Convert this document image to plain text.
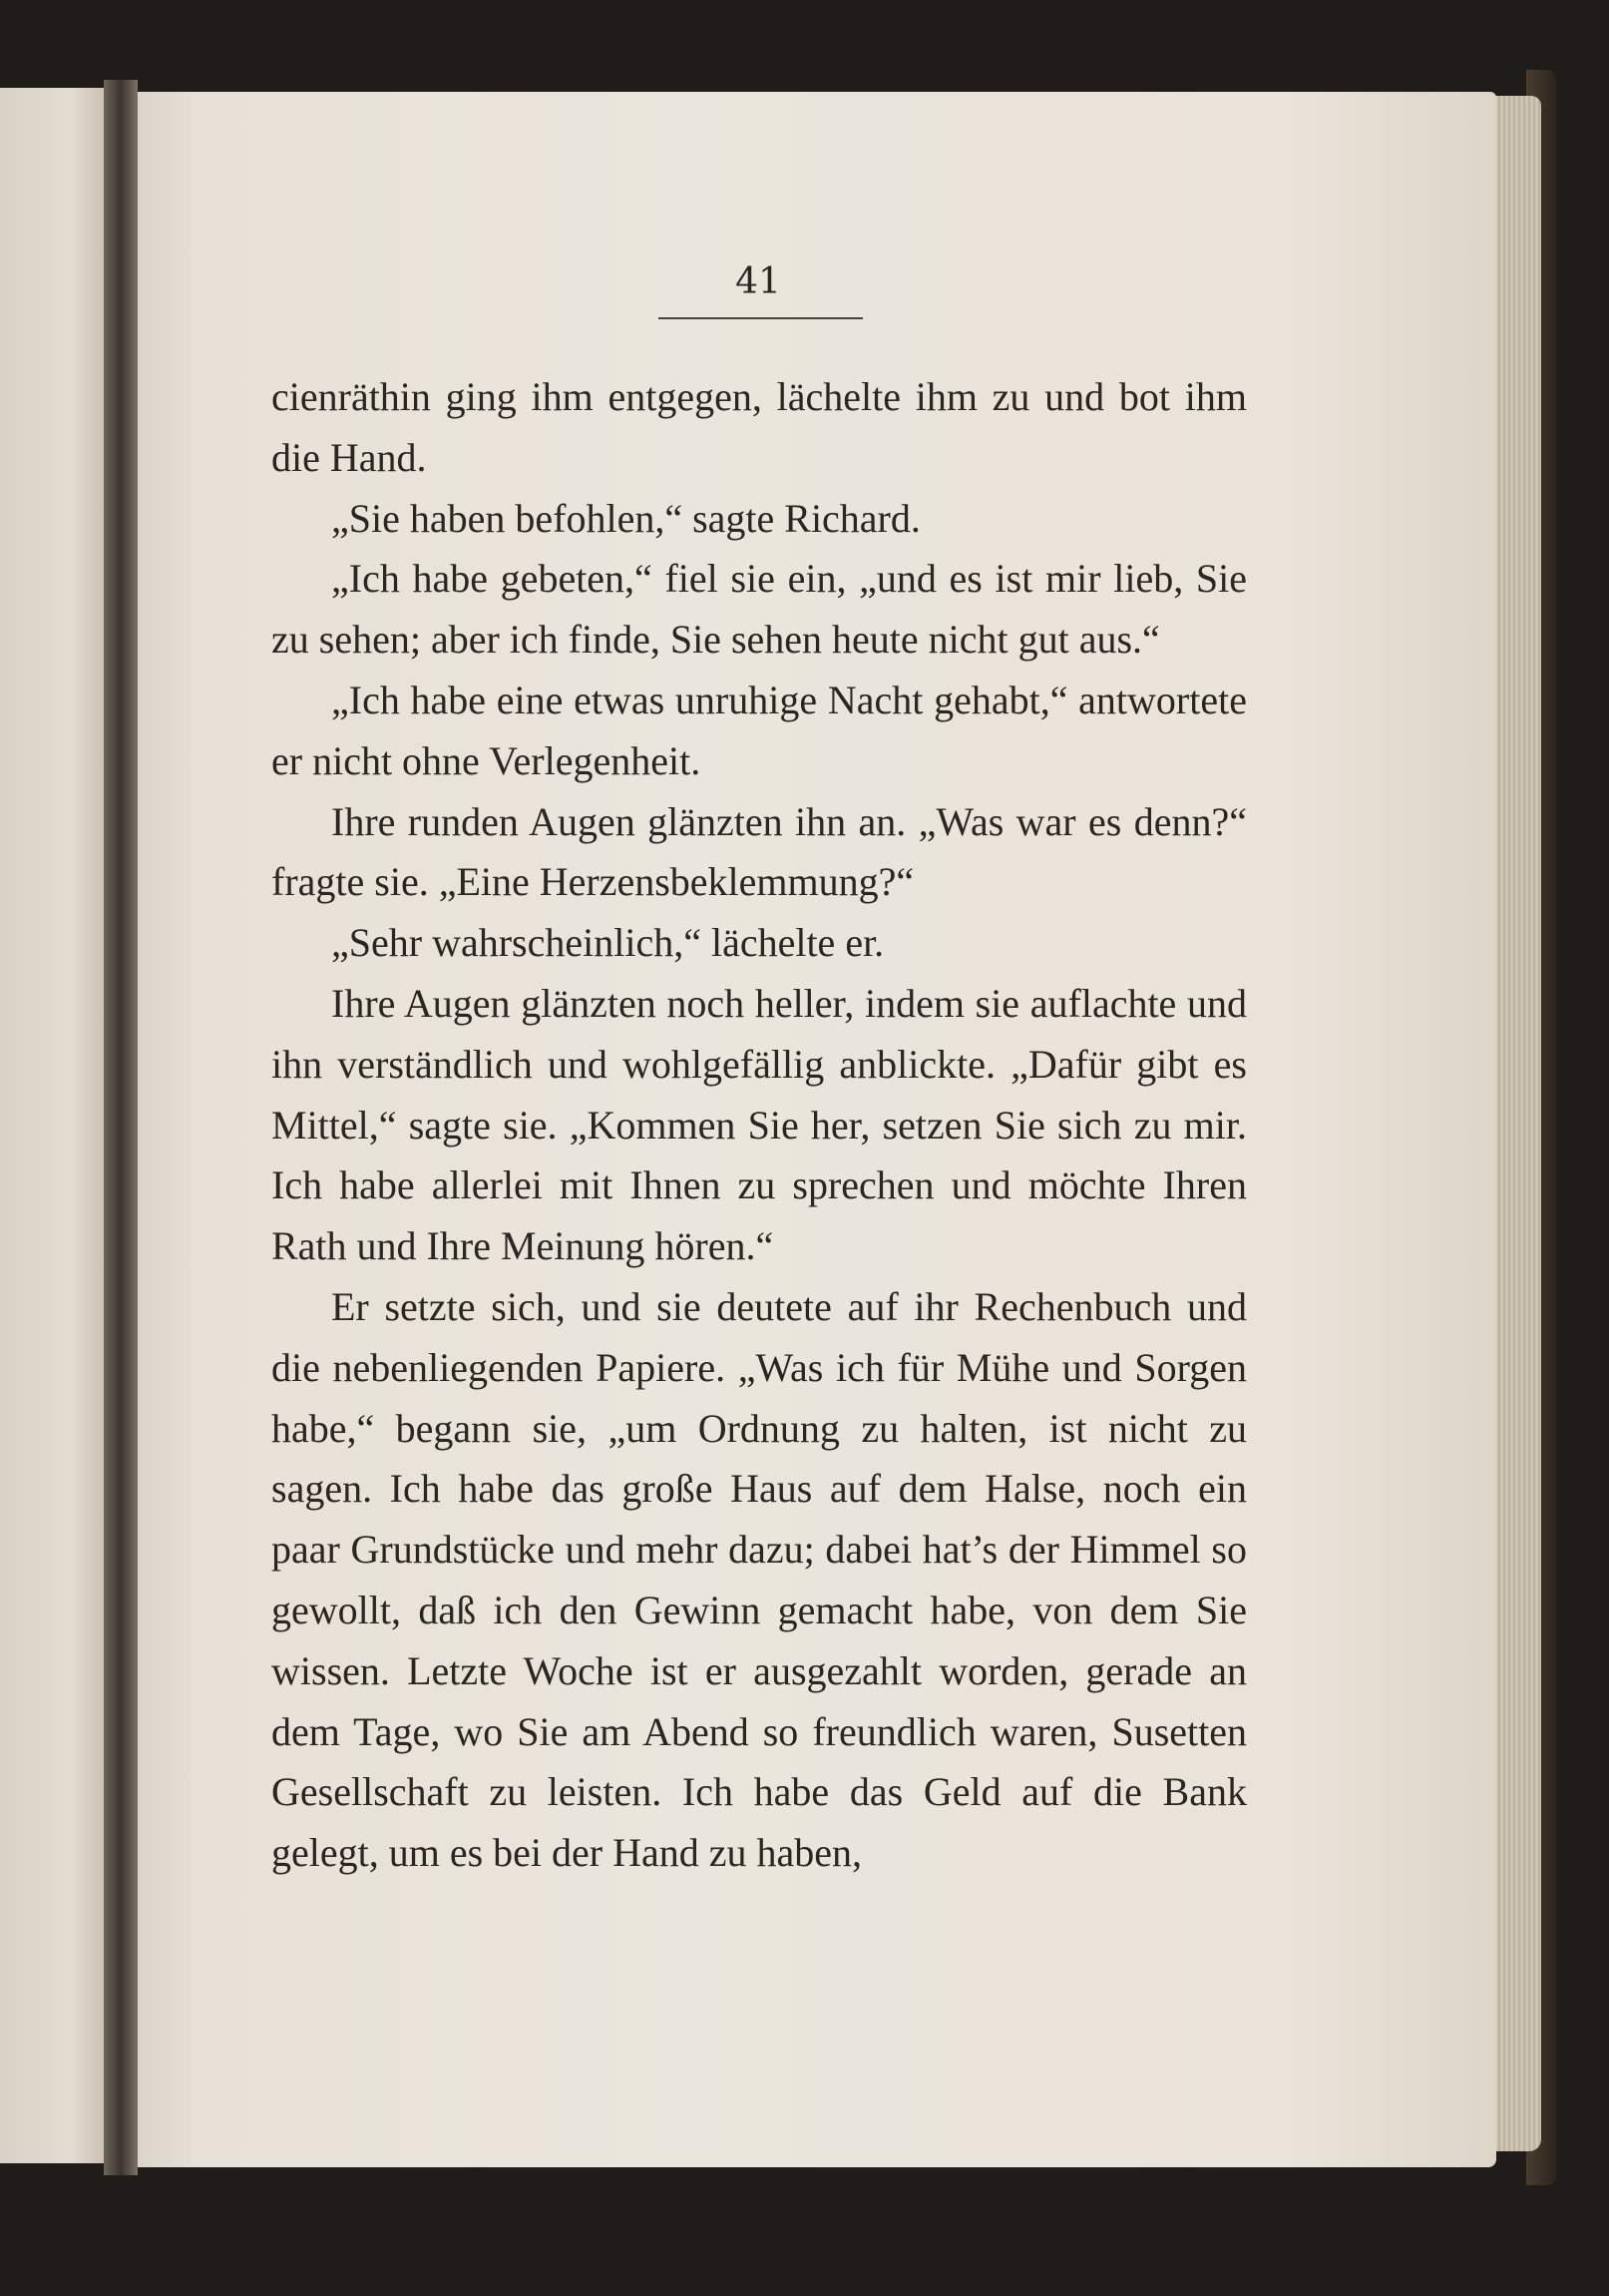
41

cienräthin ging ihm entgegen, lächelte ihm zu und bot ihm die Hand.

„Sie haben befohlen,“ sagte Richard.

„Ich habe gebeten,“ fiel sie ein, „und es ist mir lieb, Sie zu sehen; aber ich finde, Sie sehen heute nicht gut aus.“

„Ich habe eine etwas unruhige Nacht gehabt,“ antwortete er nicht ohne Verlegenheit.

Ihre runden Augen glänzten ihn an. „Was war es denn?“ fragte sie. „Eine Herzensbeklemmung?“

„Sehr wahrscheinlich,“ lächelte er.

Ihre Augen glänzten noch heller, indem sie auflachte und ihn verständlich und wohlgefällig anblickte. „Dafür gibt es Mittel,“ sagte sie. „Kommen Sie her, setzen Sie sich zu mir. Ich habe allerlei mit Ihnen zu sprechen und möchte Ihren Rath und Ihre Meinung hören.“

Er setzte sich, und sie deutete auf ihr Rechenbuch und die nebenliegenden Papiere. „Was ich für Mühe und Sorgen habe,“ begann sie, „um Ordnung zu halten, ist nicht zu sagen. Ich habe das große Haus auf dem Halse, noch ein paar Grundstücke und mehr dazu; dabei hat’s der Himmel so gewollt, daß ich den Gewinn gemacht habe, von dem Sie wissen. Letzte Woche ist er ausgezahlt worden, gerade an dem Tage, wo Sie am Abend so freundlich waren, Susetten Gesellschaft zu leisten. Ich habe das Geld auf die Bank gelegt, um es bei der Hand zu haben,
